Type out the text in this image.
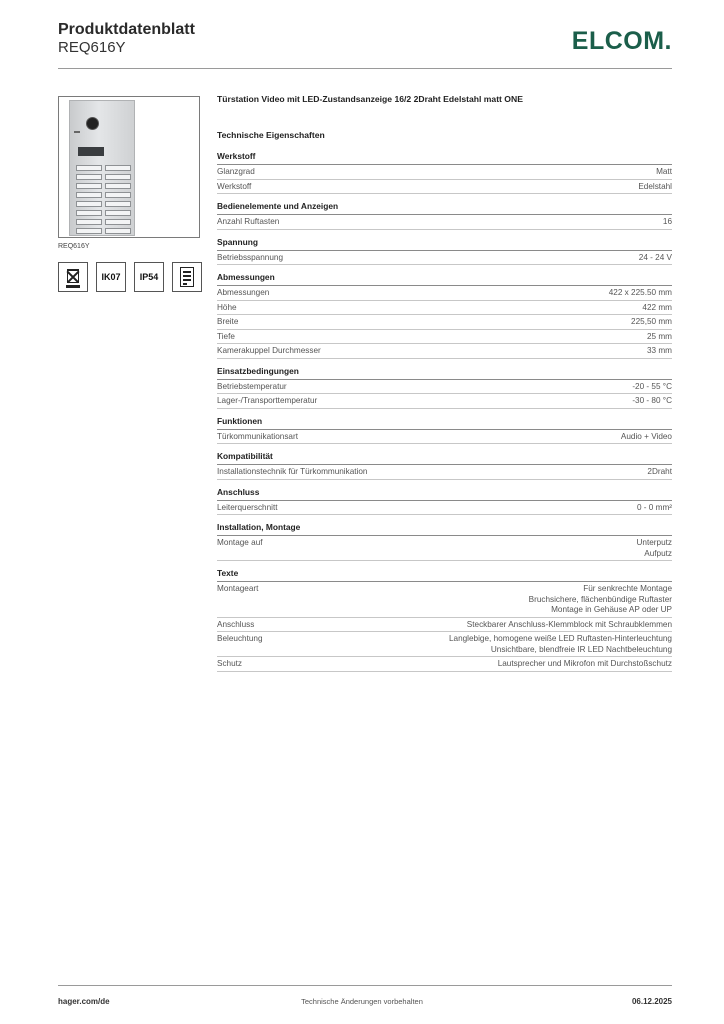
Produktdatenblatt
REQ616Y	ELCOM.
REQ616Y
IK07	IP54
Türstation Video mit LED-Zustandsanzeige 16/2 2Draht Edelstahl matt ONE
Technische Eigenschaften
Werkstoff
Glanzgrad	Matt
Werkstoff	Edelstahl
Bedienelemente und Anzeigen
Anzahl Ruftasten	16
Spannung
Betriebsspannung	24 - 24 V
Abmessungen
Abmessungen	422 x 225.50 mm
Höhe	422 mm
Breite	225,50 mm
Tiefe	25 mm
Kamerakuppel Durchmesser	33 mm
Einsatzbedingungen
Betriebstemperatur	-20 - 55 °C
Lager-/Transporttemperatur	-30 - 80 °C
Funktionen
Türkommunikationsart	Audio + Video
Kompatibilität
Installationstechnik für Türkommunikation	2Draht
Anschluss
Leiterquerschnitt	0 - 0 mm²
Installation, Montage
Montage auf	Unterputz
Aufputz
Texte
Montageart	Für senkrechte Montage
Bruchsichere, flächenbündige Ruftaster
Montage in Gehäuse AP oder UP
Anschluss	Steckbarer Anschluss-Klemmblock mit Schraubklemmen
Beleuchtung	Langlebige, homogene weiße LED Ruftasten-Hinterleuchtung
Unsichtbare, blendfreie IR LED Nachtbeleuchtung
Schutz	Lautsprecher und Mikrofon mit Durchstoßschutz
hager.com/de	Technische Änderungen vorbehalten	06.12.2025
